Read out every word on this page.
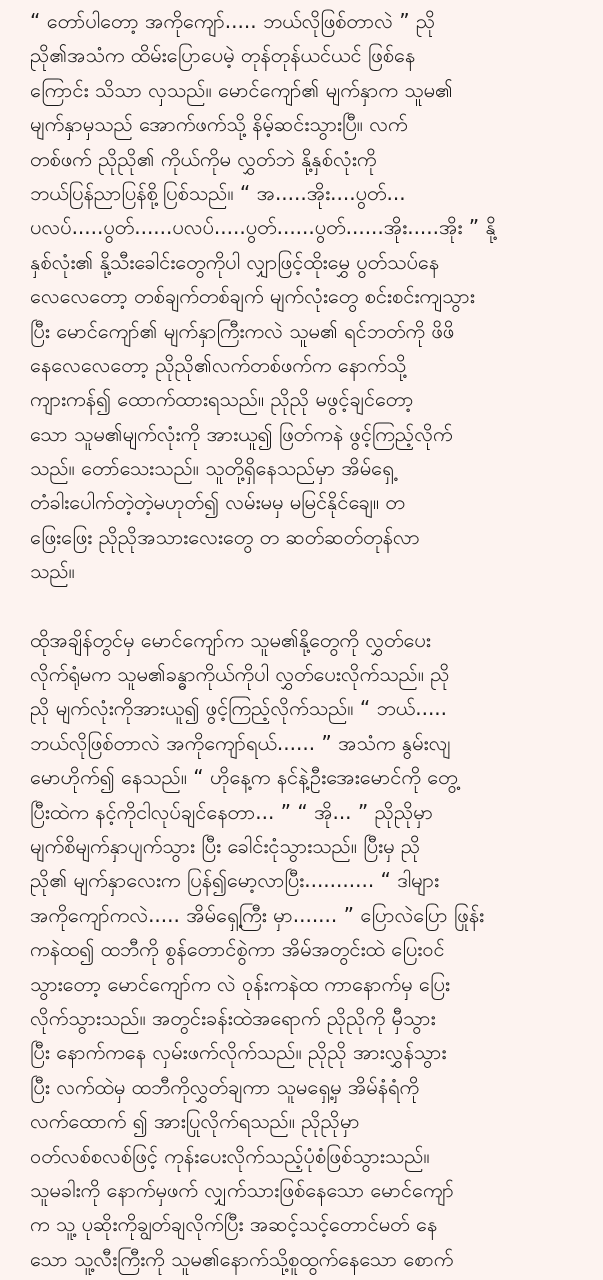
“ တော်ပါတော့ အကိုကျော်..... ဘယ်လိုဖြစ်တာလဲ ” ညို
ညို၏အသံက ထိမ်းပြောပေမဲ့ တုန်တုန်ယင်ယင် ဖြစ်နေ
ကြောင်း သိသာ လှသည်။ မောင်ကျော်၏ မျက်နှာက သူမ၏
မျက်နှာမှသည် အောက်ဖက်သို့ နိမ့်ဆင်းသွားပြီ။ လက်
တစ်ဖက် ညိုညို၏ ကိုယ်ကိုမ လွှတ်ဘဲ နို့နှစ်လုံးကို
ဘယ်ပြန်ညာပြန်စို့ပြစ်သည်။ “ အ.....အိုး....ပွတ်...
ပလပ်.....ပွတ်......ပလပ်.....ပွတ်......ပွတ်......အိုး.....အိုး ” နို့
နှစ်လုံး၏ နို့သီးခေါင်းတွေကိုပါ လျှာဖြင့်ထိုးမွှေ ပွတ်သပ်နေ
လေလေတော့ တစ်ချက်တစ်ချက် မျက်လုံးတွေ စင်းစင်းကျသွား
ပြီး မောင်ကျော်၏ မျက်နှာကြီးကလဲ သူမ၏ ရင်ဘတ်ကို ဖိဖိ
နေလေလေတော့ ညိုညို၏လက်တစ်ဖက်က နောက်သို့
ကျားကန်၍ ထောက်ထားရသည်။ ညိုညို မဖွင့်ချင်တော့
သော သူမ၏မျက်လုံးကို အားယူ၍ ဖြတ်ကနဲ ဖွင့်ကြည့်လိုက်
သည်။ တော်သေးသည်။ သူတို့ရှိနေသည်မှာ အိမ်ရှေ့
တံခါးပေါက်တဲ့တဲ့မဟုတ်၍ လမ်းမမှ မမြင်နိုင်ချေ။ တ
ဖြေးဖြေး ညိုညိုအသားလေးတွေ တ ဆတ်ဆတ်တုန်လာ
သည်။
ထိုအချိန်တွင်မှ မောင်ကျော်က သူမ၏နို့တွေကို လွှတ်ပေး
လိုက်ရုံမက သူမ၏ခန္ဓာကိုယ်ကိုပါ လွှတ်ပေးလိုက်သည်။ ညို
ညို မျက်လုံးကိုအားယူ၍ ဖွင့်ကြည့်လိုက်သည်။ “ ဘယ်.....
ဘယ်လိုဖြစ်တာလဲ အကိုကျော်ရယ်...... ” အသံက နွမ်းလျ
မောဟိုက်၍ နေသည်။ “ ဟိုနေ့က နင်နဲ့ဦးအေးမောင်ကို တွေ့
ပြီးထဲက နင့်ကိုငါလုပ်ချင်နေတာ... ” “ အို... ” ညိုညိုမှာ
မျက်စိမျက်နှာပျက်သွား ပြီး ခေါင်းငုံသွားသည်။ ပြီးမှ ညို
ညို၏ မျက်နှာလေးက ပြန်၍မော့လာပြီး........... “ ဒါများ
အကိုကျော်ကလဲ..... အိမ်ရှေ့ကြီး မှာ....... ” ပြောလဲပြော ဖြုန်း
ကနဲထ၍ ထဘီကို စွန်တောင်စွဲကာ အိမ်အတွင်းထဲ ပြေးဝင်
သွားတော့ မောင်ကျော်က လဲ ဝုန်းကနဲထ ကာနောက်မှ ပြေး
လိုက်သွားသည်။ အတွင်းခန်းထဲအရောက် ညိုညိုကို မှီသွား
ပြီး နောက်ကနေ လှမ်းဖက်လိုက်သည်။ ညိုညို အားလွှန်သွား
ပြီး လက်ထဲမှ ထဘီကိုလွှတ်ချကာ သူမရှေ့မှ အိမ်နံရံကို
လက်ထောက် ၍ အားပြုလိုက်ရသည်။ ညိုညိုမှာ
ဝတ်လစ်စလစ်ဖြင့် ကုန်းပေးလိုက်သည့်ပုံစံဖြစ်သွားသည်။
သူမခါးကို နောက်မှဖက် လျှက်သားဖြစ်နေသော မောင်ကျော်
က သူ့ ပုဆိုးကိုချွတ်ချလိုက်ပြီး အဆင့်သင့်တောင်မတ် နေ
သော သူ့လီးကြီးကို သူမ၏နောက်သို့စူထွက်နေသော စောက်
